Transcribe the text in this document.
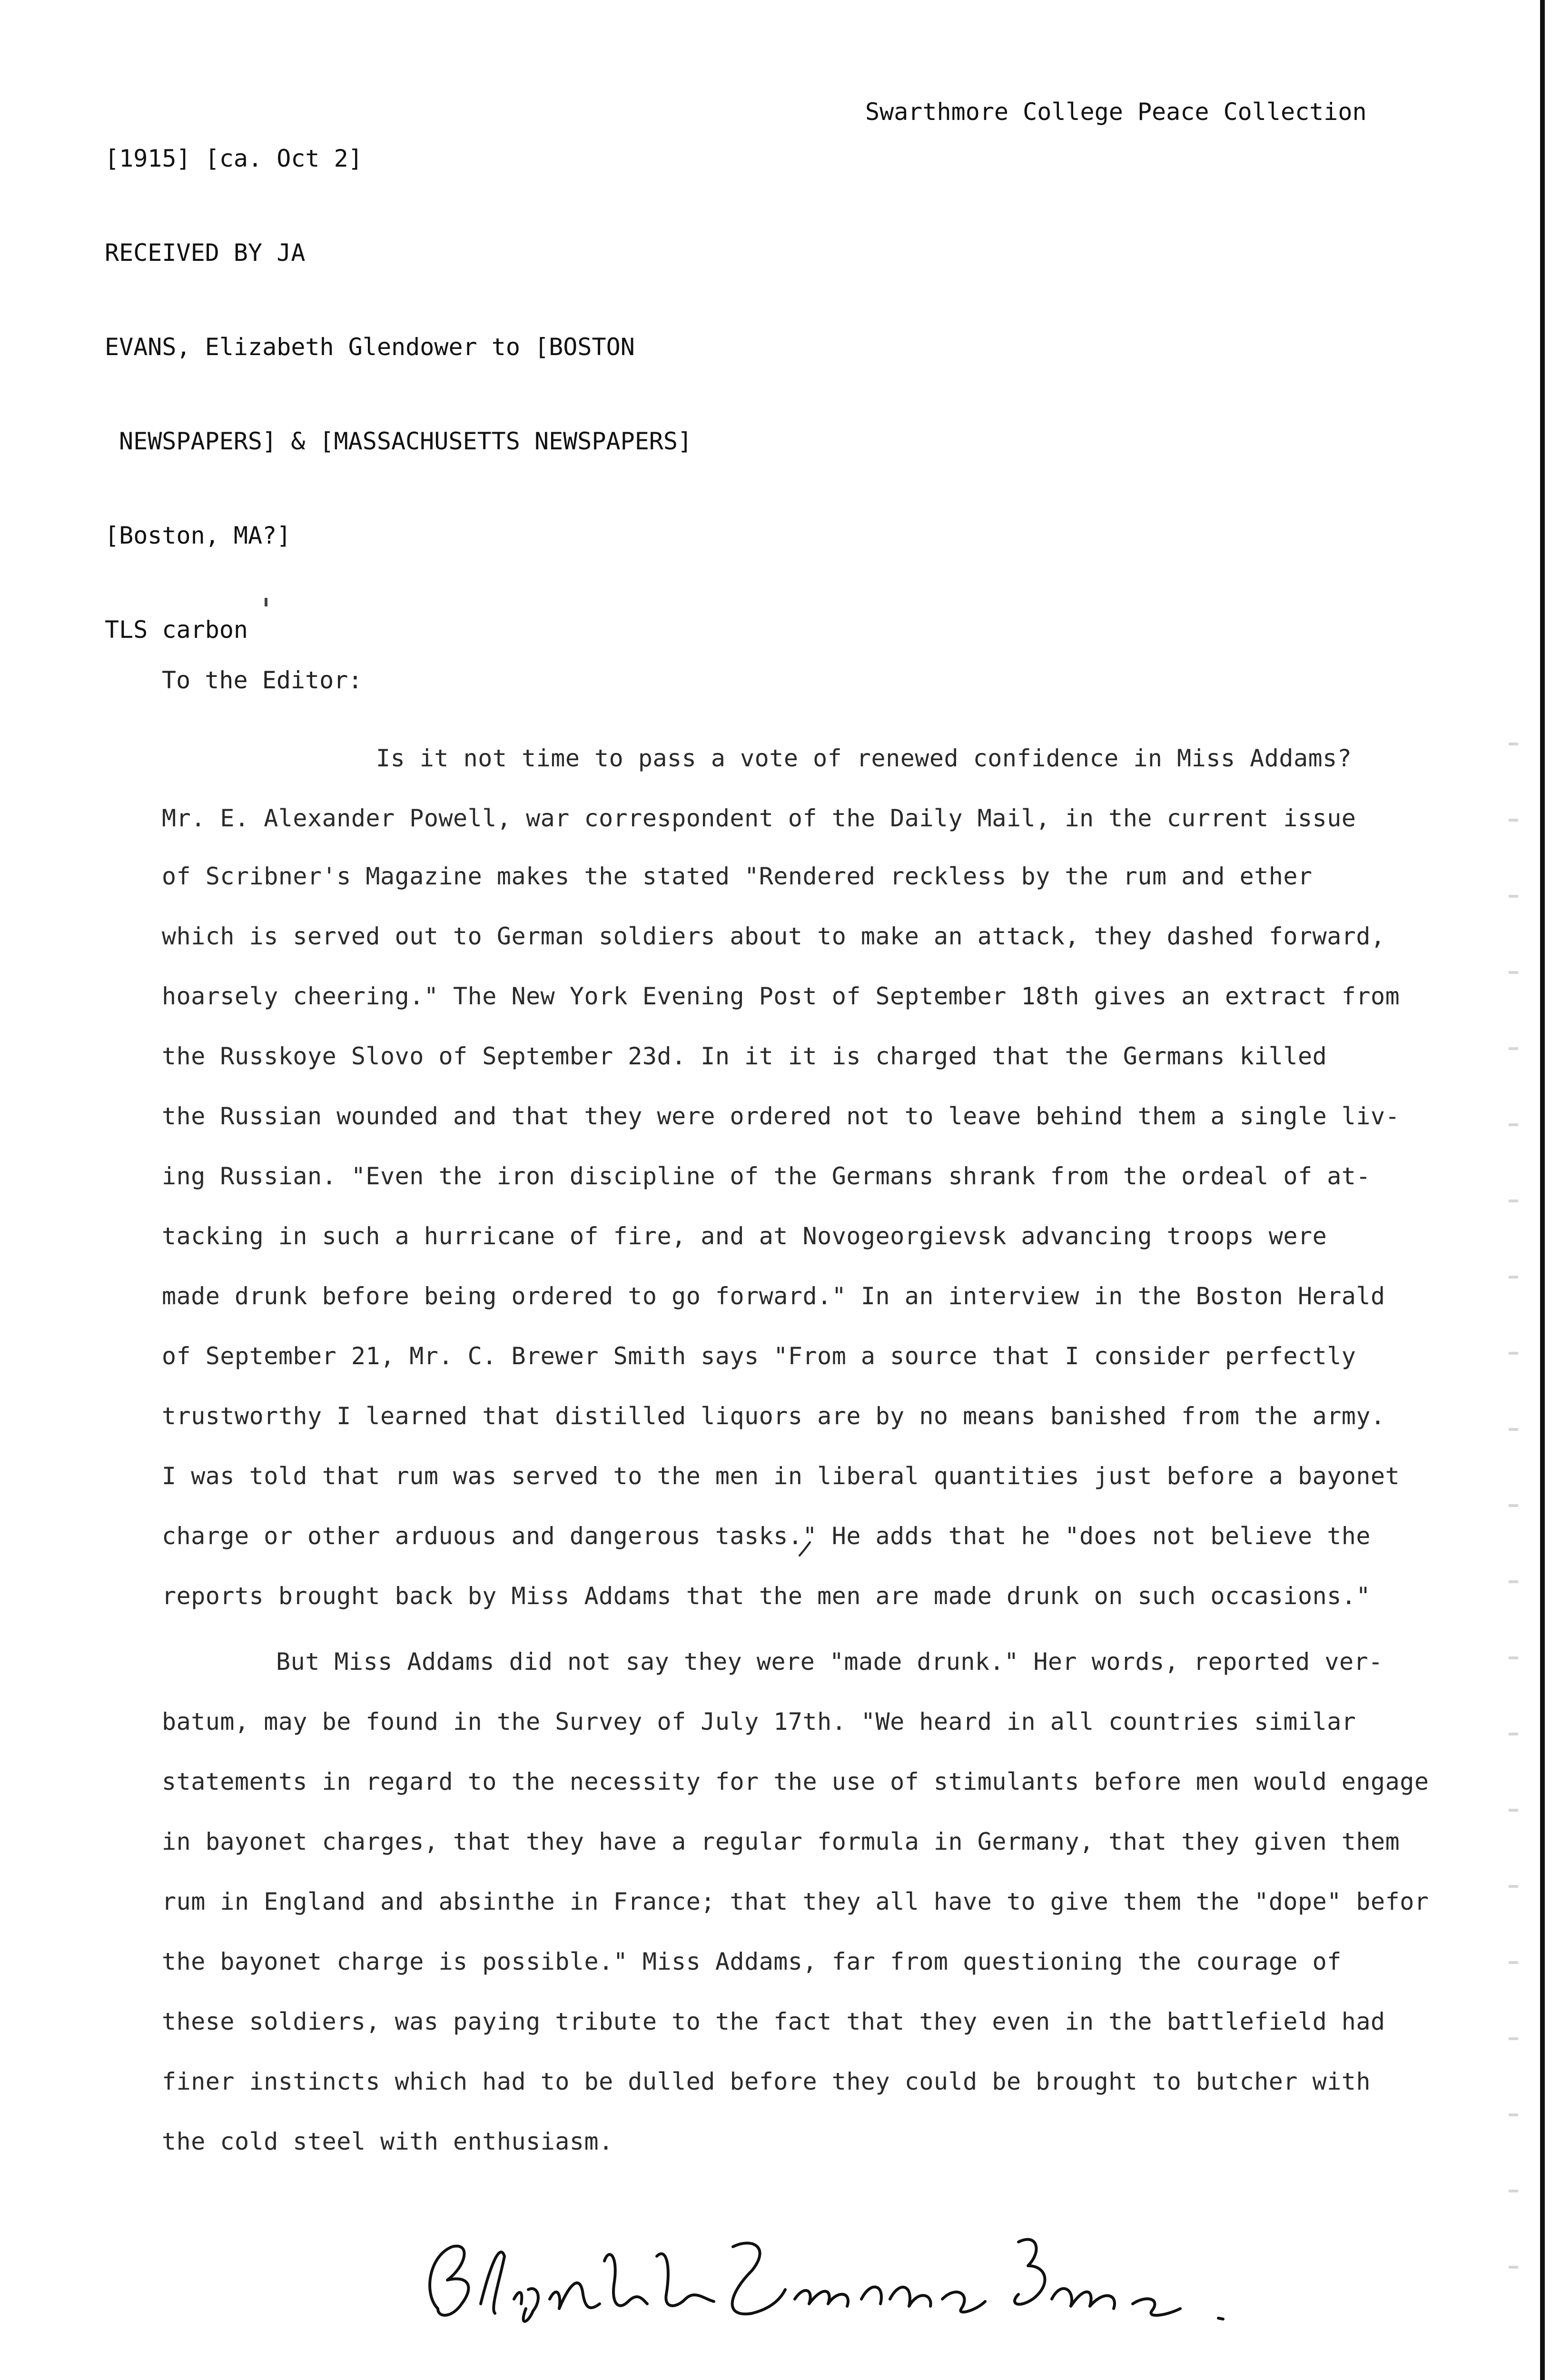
[1915] [ca. Oct 2]

RECEIVED BY JA

EVANS, Elizabeth Glendower to [BOSTON

NEWSPAPERS] & [MASSACHUSETTS NEWSPAPERS]

[Boston, MA?]

TLS carbon

Swarthmore College Peace Collection
To the Editor:
Is it not time to pass a vote of renewed confidence in Miss Addams?
Mr. E. Alexander Powell, war correspondent of the Daily Mail, in the current issue
of Scribner's Magazine makes the stated "Rendered reckless by the rum and ether
which is served out to German soldiers about to make an attack, they dashed forward,
hoarsely cheering." The New York Evening Post of September 18th gives an extract from
the Russkoye Slovo of September 23d. In it it is charged that the Germans killed
the Russian wounded and that they were ordered not to leave behind them a single liv-
ing Russian. "Even the iron discipline of the Germans shrank from the ordeal of at-
tacking in such a hurricane of fire, and at Novogeorgievsk advancing troops were
made drunk before being ordered to go forward." In an interview in the Boston Herald
of September 21, Mr. C. Brewer Smith says "From a source that I consider perfectly
trustworthy I learned that distilled liquors are by no means banished from the army.
I was told that rum was served to the men in liberal quantities just before a bayonet
charge or other arduous and dangerous tasks." He adds that he "does not believe the
reports brought back by Miss Addams that the men are made drunk on such occasions."
But Miss Addams did not say they were "made drunk." Her words, reported ver-
batum, may be found in the Survey of July 17th. "We heard in all countries similar
statements in regard to the necessity for the use of stimulants before men would engage
in bayonet charges, that they have a regular formula in Germany, that they given them
rum in England and absinthe in France; that they all have to give them the "dope" befor
the bayonet charge is possible." Miss Addams, far from questioning the courage of
these soldiers, was paying tribute to the fact that they even in the battlefield had
finer instincts which had to be dulled before they could be brought to butcher with
the cold steel with enthusiasm.
